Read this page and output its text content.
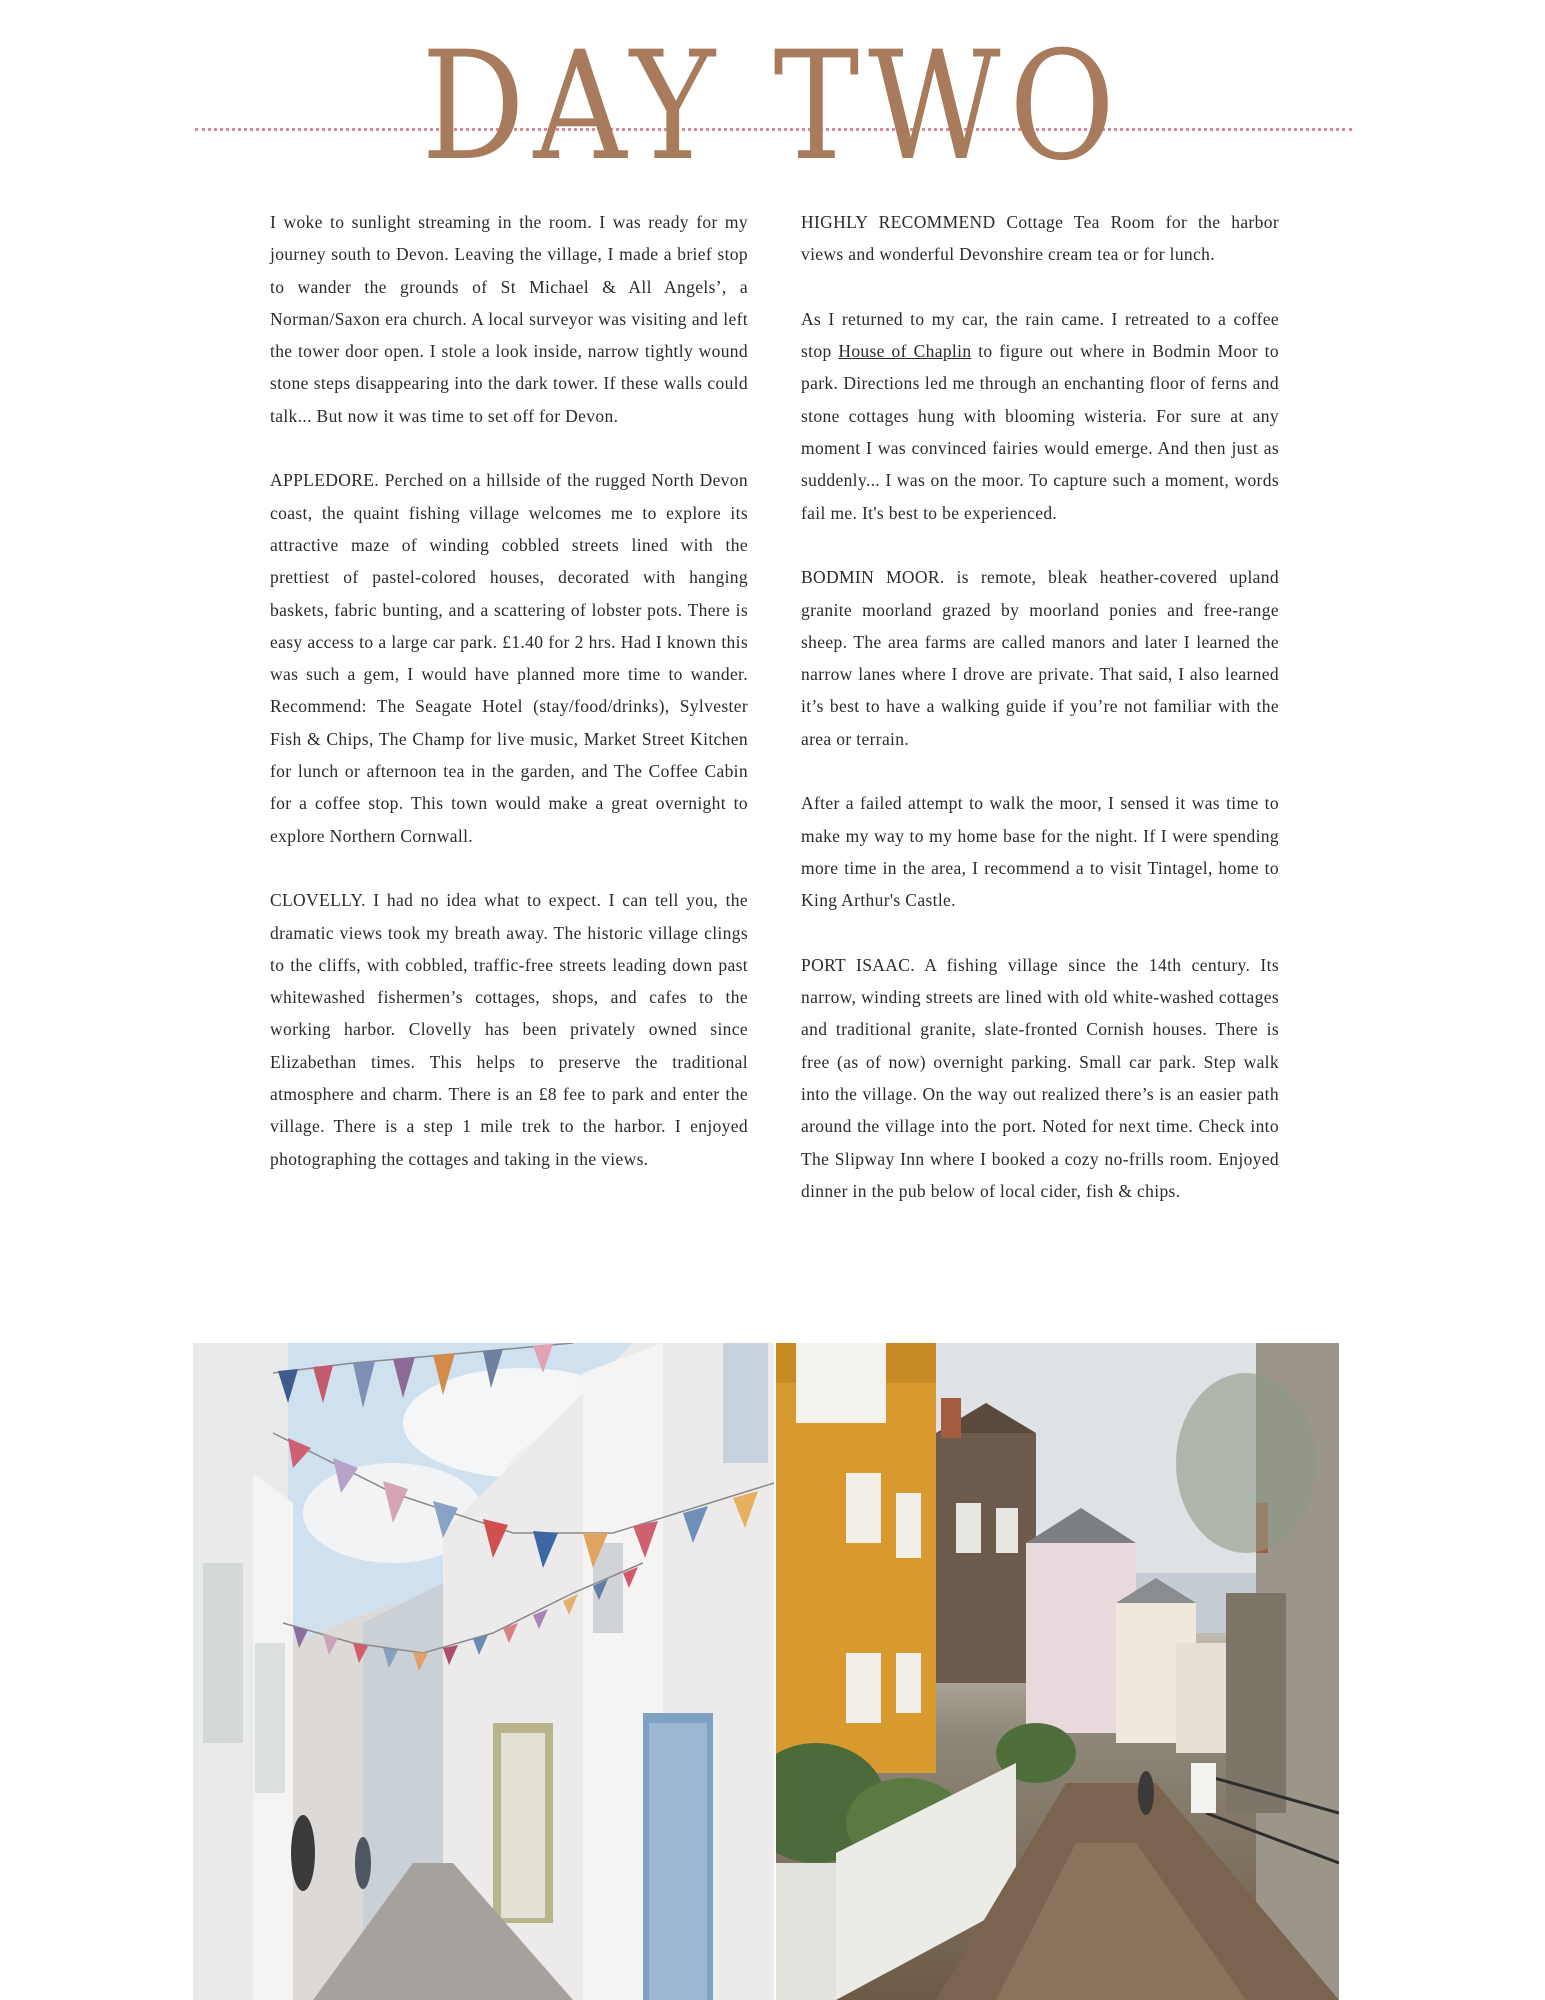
DAY TWO

I woke to sunlight streaming in the room. I was ready for my journey south to Devon. Leaving the village, I made a brief stop to wander the grounds of St Michael & All Angels’, a Norman/Saxon era church. A local surveyor was visiting and left the tower door open. I stole a look inside, narrow tightly wound stone steps disappearing into the dark tower. If these walls could talk... But now it was time to set off for Devon.

APPLEDORE. Perched on a hillside of the rugged North Devon coast, the quaint fishing village welcomes me to explore its attractive maze of winding cobbled streets lined with the prettiest of pastel-colored houses, decorated with hanging baskets, fabric bunting, and a scattering of lobster pots. There is easy access to a large car park. £1.40 for 2 hrs. Had I known this was such a gem, I would have planned more time to wander. Recommend: The Seagate Hotel (stay/food/drinks), Sylvester Fish & Chips, The Champ for live music, Market Street Kitchen for lunch or afternoon tea in the garden, and The Coffee Cabin for a coffee stop. This town would make a great overnight to explore Northern Cornwall.

CLOVELLY. I had no idea what to expect. I can tell you, the dramatic views took my breath away. The historic village clings to the cliffs, with cobbled, traffic-free streets leading down past whitewashed fishermen’s cottages, shops, and cafes to the working harbor. Clovelly has been privately owned since Elizabethan times. This helps to preserve the traditional atmosphere and charm. There is an £8 fee to park and enter the village. There is a step 1 mile trek to the harbor. I enjoyed photographing the cottages and taking in the views.

HIGHLY RECOMMEND Cottage Tea Room for the harbor views and wonderful Devonshire cream tea or for lunch.

As I returned to my car, the rain came. I retreated to a coffee stop House of Chaplin to figure out where in Bodmin Moor to park. Directions led me through an enchanting floor of ferns and stone cottages hung with blooming wisteria. For sure at any moment I was convinced fairies would emerge. And then just as suddenly... I was on the moor. To capture such a moment, words fail me. It's best to be experienced.

BODMIN MOOR. is remote, bleak heather-covered upland granite moorland grazed by moorland ponies and free-range sheep. The area farms are called manors and later I learned the narrow lanes where I drove are private. That said, I also learned it’s best to have a walking guide if you’re not familiar with the area or terrain.

After a failed attempt to walk the moor, I sensed it was time to make my way to my home base for the night. If I were spending more time in the area, I recommend a to visit Tintagel, home to King Arthur's Castle.

PORT ISAAC. A fishing village since the 14th century. Its narrow, winding streets are lined with old white-washed cottages and traditional granite, slate-fronted Cornish houses. There is free (as of now) overnight parking. Small car park. Step walk into the village. On the way out realized there’s is an easier path around the village into the port. Noted for next time. Check into The Slipway Inn where I booked a cozy no-frills room. Enjoyed dinner in the pub below of local cider, fish & chips.
